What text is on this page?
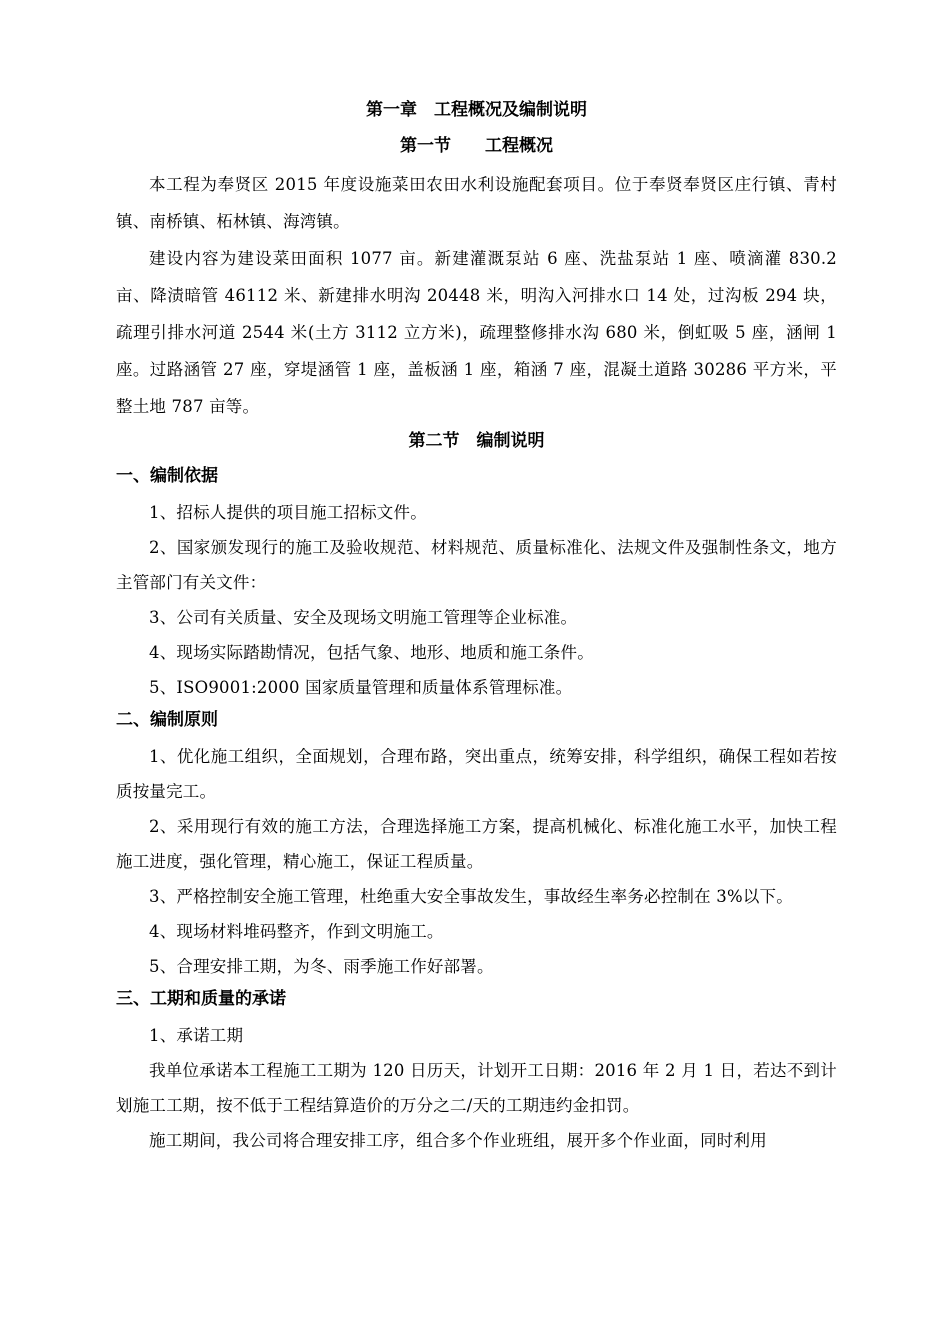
第一章　工程概况及编制说明

第一节　　工程概况

本工程为奉贤区 2015 年度设施菜田农田水利设施配套项目。位于奉贤奉贤区庄行镇、青村镇、南桥镇、柘林镇、海湾镇。

建设内容为建设菜田面积 1077 亩。新建灌溉泵站 6 座、洗盐泵站 1 座、喷滴灌 830.2 亩、降渍暗管 46112 米、新建排水明沟 20448 米，明沟入河排水口 14 处，过沟板 294 块，疏理引排水河道 2544 米(土方 3112 立方米)，疏理整修排水沟 680 米，倒虹吸 5 座，涵闸 1 座。过路涵管 27 座，穿堤涵管 1 座，盖板涵 1 座，箱涵 7 座，混凝土道路 30286 平方米，平整土地 787 亩等。

第二节　编制说明

一、编制依据

1、招标人提供的项目施工招标文件。

2、国家颁发现行的施工及验收规范、材料规范、质量标准化、法规文件及强制性条文，地方主管部门有关文件：

3、公司有关质量、安全及现场文明施工管理等企业标准。

4、现场实际踏勘情况，包括气象、地形、地质和施工条件。

5、ISO9001:2000 国家质量管理和质量体系管理标准。

二、编制原则

1、优化施工组织，全面规划，合理布路，突出重点，统筹安排，科学组织，确保工程如若按质按量完工。

2、采用现行有效的施工方法，合理选择施工方案，提高机械化、标准化施工水平，加快工程施工进度，强化管理，精心施工，保证工程质量。

3、严格控制安全施工管理，杜绝重大安全事故发生，事故经生率务必控制在 3%以下。

4、现场材料堆码整齐，作到文明施工。

5、合理安排工期，为冬、雨季施工作好部署。

三、工期和质量的承诺

1、承诺工期

我单位承诺本工程施工工期为 120 日历天，计划开工日期：2016 年 2 月 1 日，若达不到计划施工工期，按不低于工程结算造价的万分之二/天的工期违约金扣罚。

施工期间，我公司将合理安排工序，组合多个作业班组，展开多个作业面，同时利用
